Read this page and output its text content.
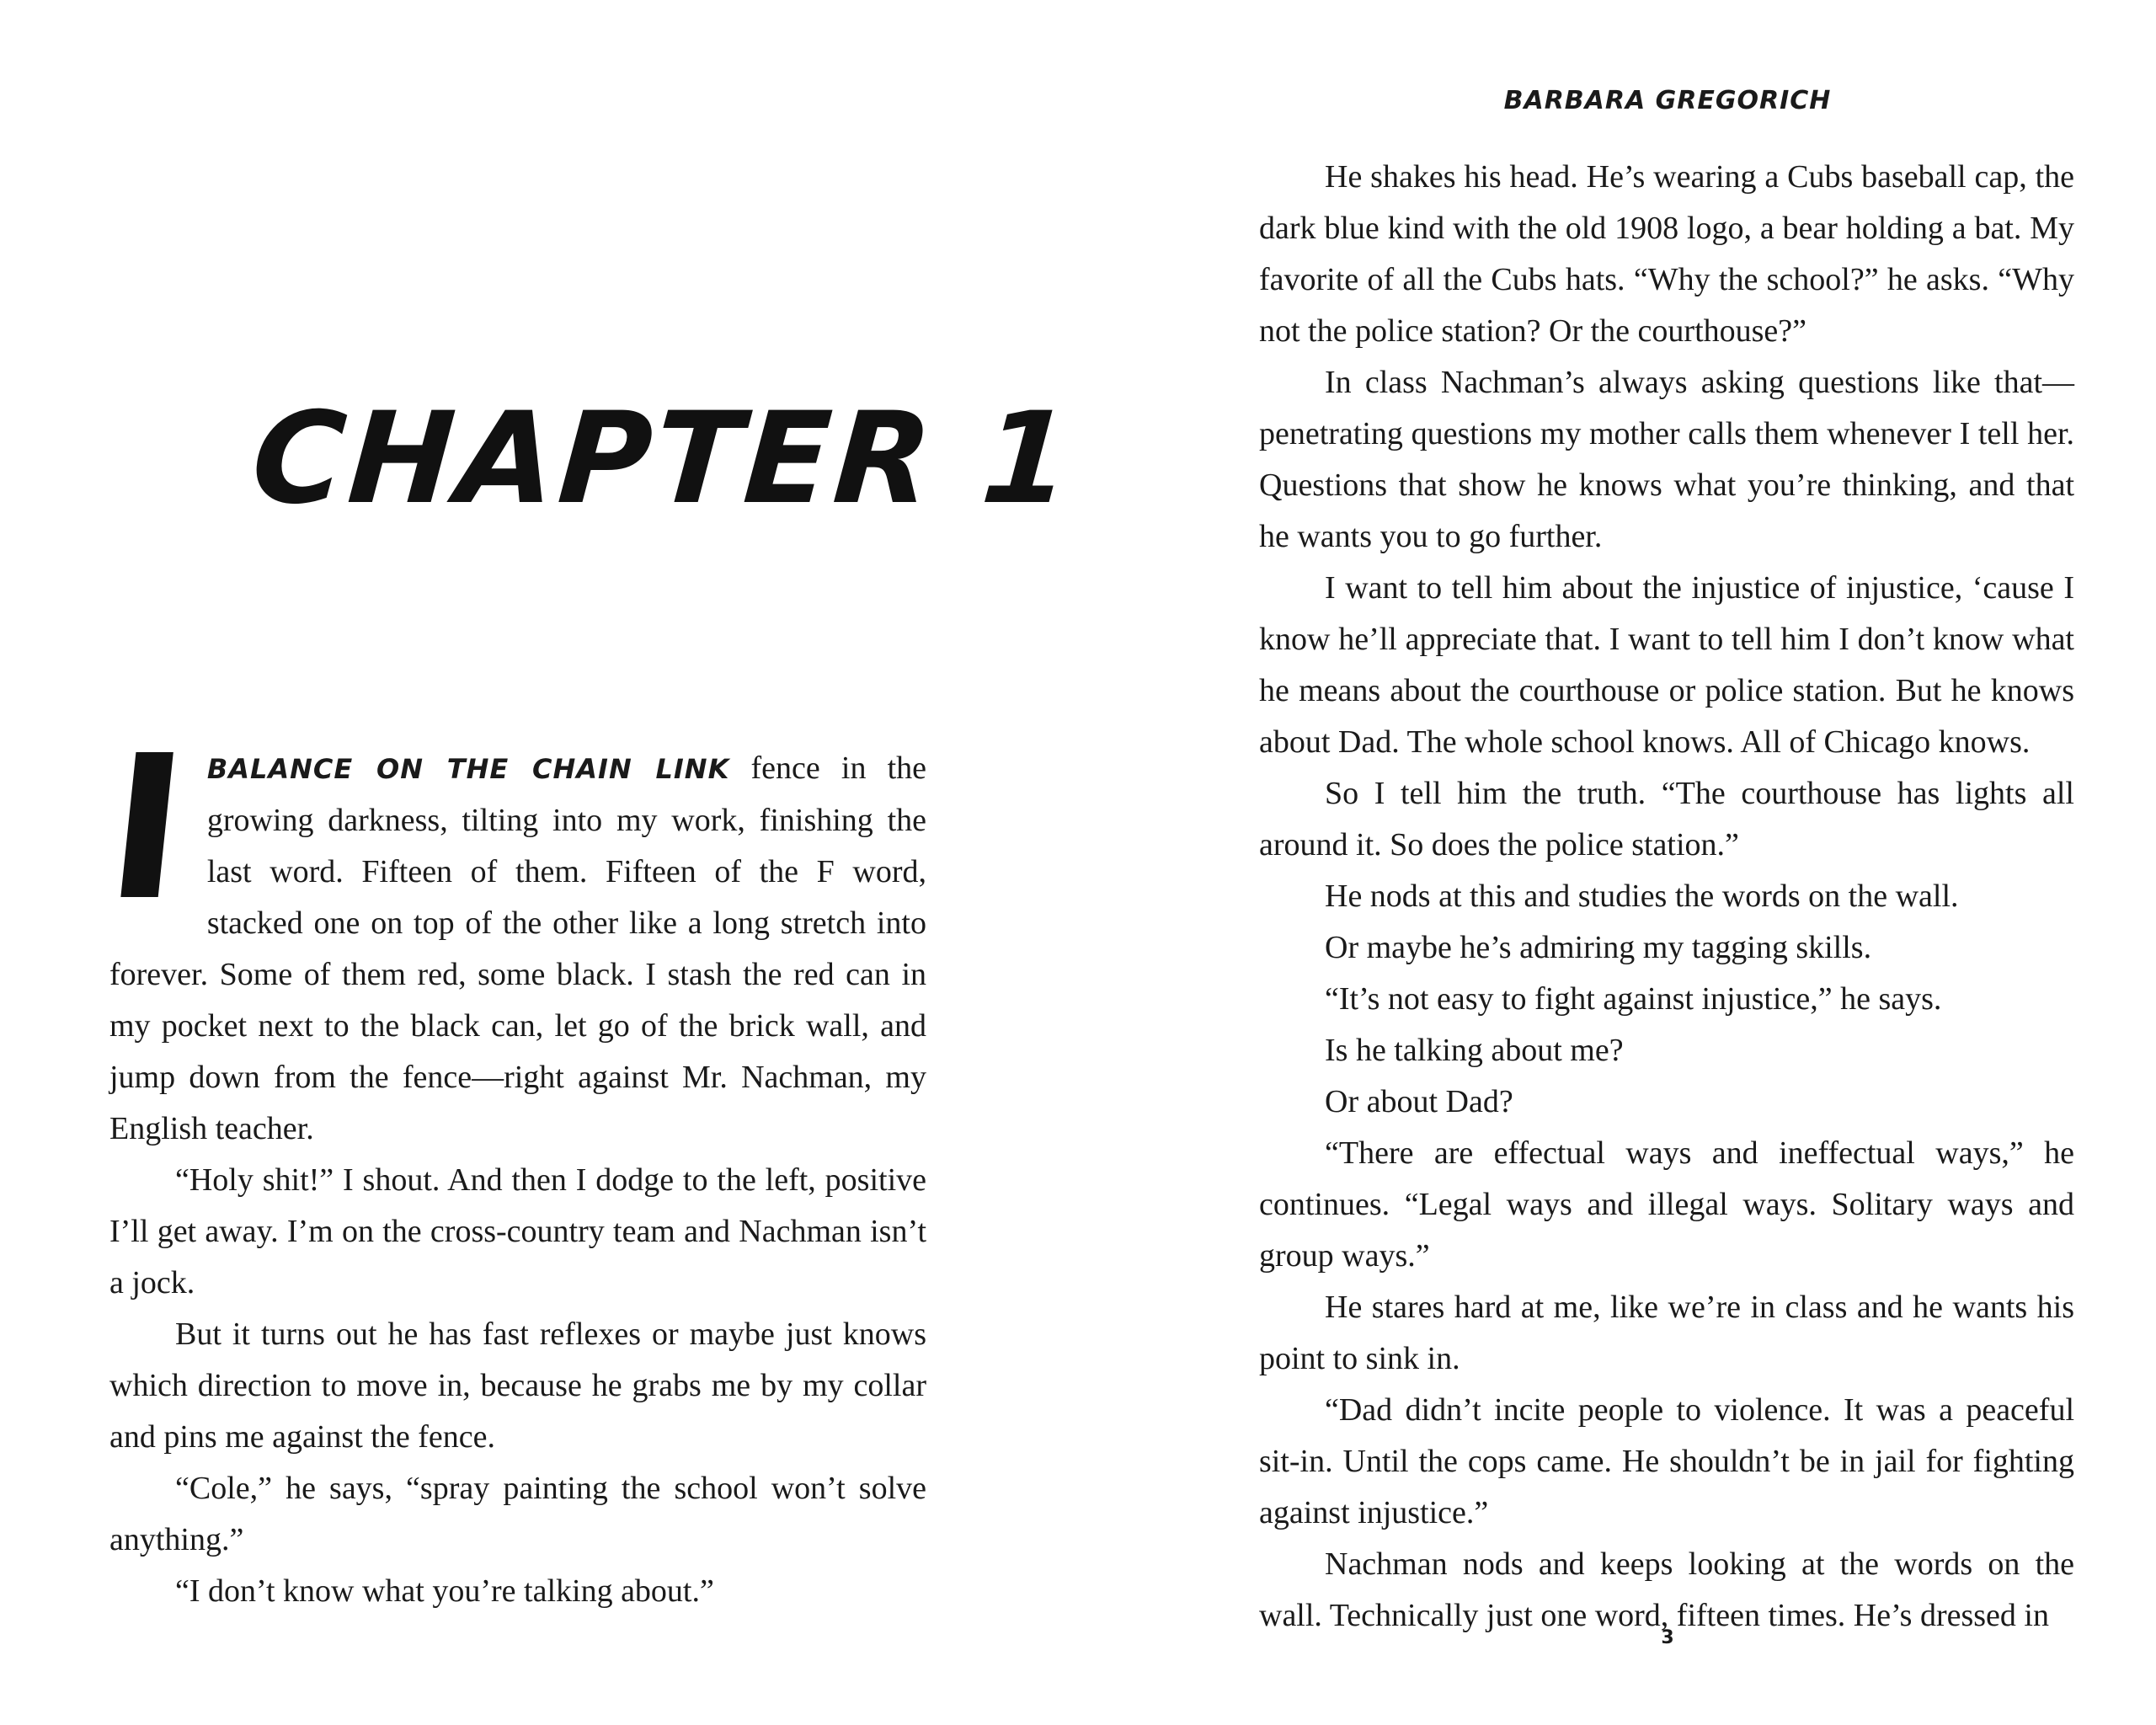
CHAPTER 1

IBALANCE ON THE CHAIN LINK fence in the growing darkness, tilting into my work, finishing the last word. Fifteen of them. Fifteen of the F word, stacked one on top of the other like a long stretch into forever. Some of them red, some black. I stash the red can in my pocket next to the black can, let go of the brick wall, and jump down from the fence—right against Mr. Nachman, my English teacher.

“Holy shit!” I shout. And then I dodge to the left, positive I’ll get away. I’m on the cross-country team and Nachman isn’t a jock.

But it turns out he has fast reflexes or maybe just knows which direction to move in, because he grabs me by my collar and pins me against the fence.

“Cole,” he says, “spray painting the school won’t solve anything.”

“I don’t know what you’re talking about.”

BARBARA GREGORICH

He shakes his head. He’s wearing a Cubs baseball cap, the dark blue kind with the old 1908 logo, a bear holding a bat. My favorite of all the Cubs hats. “Why the school?” he asks. “Why not the police station? Or the courthouse?”

In class Nachman’s always asking questions like that—penetrating questions my mother calls them whenever I tell her. Questions that show he knows what you’re thinking, and that he wants you to go further.

I want to tell him about the injustice of injustice, ‘cause I know he’ll appreciate that. I want to tell him I don’t know what he means about the courthouse or police station. But he knows about Dad. The whole school knows. All of Chicago knows.

So I tell him the truth. “The courthouse has lights all around it. So does the police station.”

He nods at this and studies the words on the wall.

Or maybe he’s admiring my tagging skills.

“It’s not easy to fight against injustice,” he says.

Is he talking about me?

Or about Dad?

“There are effectual ways and ineffectual ways,” he continues. “Legal ways and illegal ways. Solitary ways and group ways.”

He stares hard at me, like we’re in class and he wants his point to sink in.

“Dad didn’t incite people to violence. It was a peaceful sit-in. Until the cops came. He shouldn’t be in jail for fighting against injustice.”

Nachman nods and keeps looking at the words on the wall. Technically just one word, fifteen times. He’s dressed in

3
